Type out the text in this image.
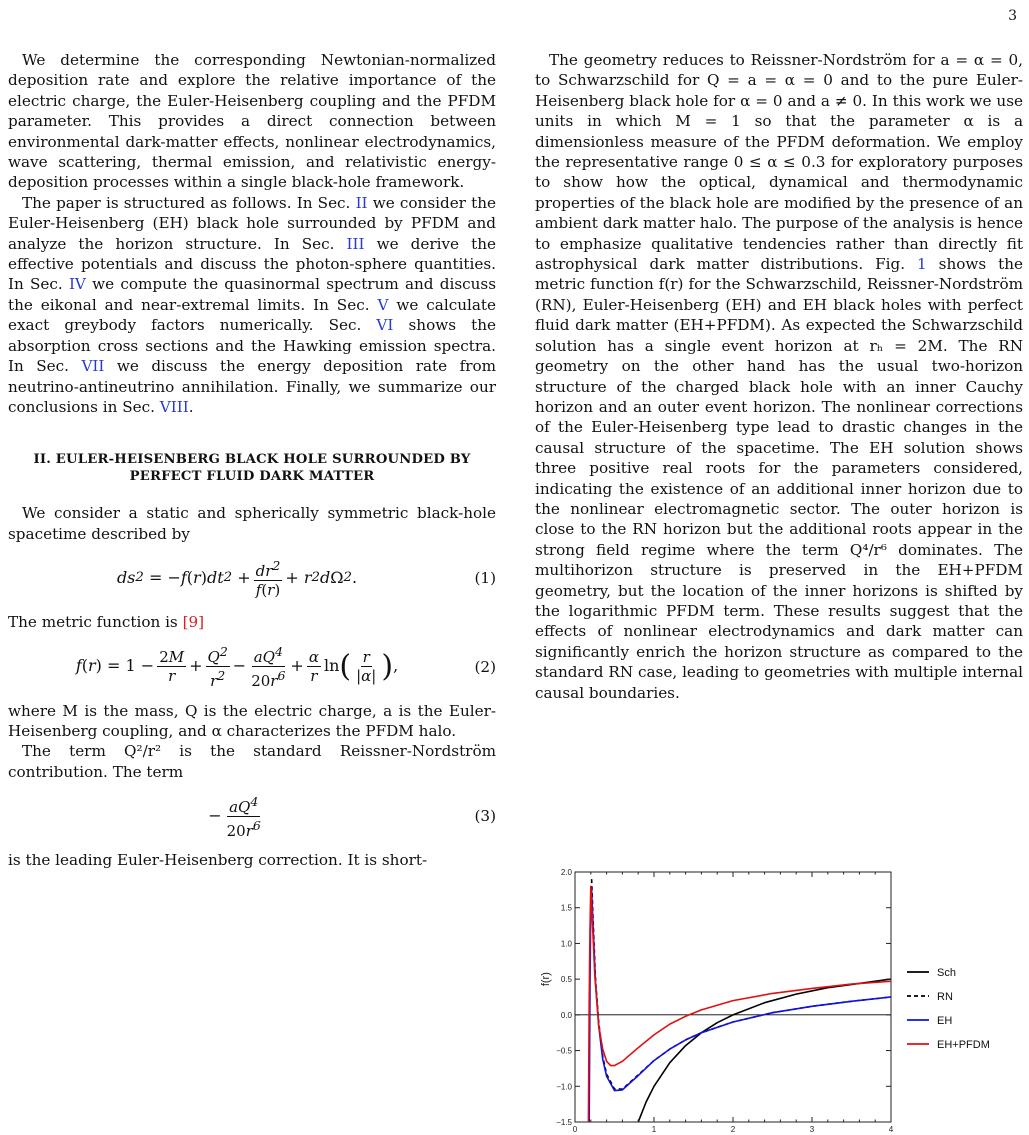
3

We determine the corresponding Newtonian-normalized deposition rate and explore the relative importance of the electric charge, the Euler-Heisenberg coupling and the PFDM parameter. This provides a direct connection between environmental dark-matter effects, nonlinear electrodynamics, wave scattering, thermal emission, and relativistic energy-deposition processes within a single black-hole framework.

The paper is structured as follows. In Sec. II we consider the Euler-Heisenberg (EH) black hole surrounded by PFDM and analyze the horizon structure. In Sec. III we derive the effective potentials and discuss the photon-sphere quantities. In Sec. IV we compute the quasinormal spectrum and discuss the eikonal and near-extremal limits. In Sec. V we calculate exact greybody factors numerically. Sec. VI shows the absorption cross sections and the Hawking emission spectra. In Sec. VII we discuss the energy deposition rate from neutrino-antineutrino annihilation. Finally, we summarize our conclusions in Sec. VIII.

II. EULER-HEISENBERG BLACK HOLE SURROUNDED BY PERFECT FLUID DARK MATTER

We consider a static and spherically symmetric black-hole spacetime described by

ds 2
= −f ( r ) dt 2
+ $\frac{dr^2}{f(r)} + r$ 2 d Ω 2 .	(1)

The metric function is [9]

f ( r )
=
1
− $\frac{2M}{r} + \frac{Q^2}{r^2} - \frac{aQ^4}{20r^6} + \frac{\alpha}{r}$ ln ( $\frac{r}{|\alpha|}$ ) ,	(2)

where M is the mass, Q is the electric charge, a is the Euler-Heisenberg coupling, and α characterizes the PFDM halo.

The term Q²/r² is the standard Reissner-Nordström contribution. The term

− $\frac{aQ^4}{20r^6}$	(3)

is the leading Euler-Heisenberg correction. It is short-

The geometry reduces to Reissner-Nordström for a = α = 0, to Schwarzschild for Q = a = α = 0 and to the pure Euler-Heisenberg black hole for α = 0 and a ≠ 0. In this work we use units in which M = 1 so that the parameter α is a dimensionless measure of the PFDM deformation. We employ the representative range 0 ≤ α ≤ 0.3 for exploratory purposes to show how the optical, dynamical and thermodynamic properties of the black hole are modified by the presence of an ambient dark matter halo. The purpose of the analysis is hence to emphasize qualitative tendencies rather than directly fit astrophysical dark matter distributions. Fig. 1 shows the metric function f(r) for the Schwarzschild, Reissner-Nordström (RN), Euler-Heisenberg (EH) and EH black holes with perfect fluid dark matter (EH+PFDM). As expected the Schwarzschild solution has a single event horizon at rₕ = 2M. The RN geometry on the other hand has the usual two-horizon structure of the charged black hole with an inner Cauchy horizon and an outer event horizon. The nonlinear corrections of the Euler-Heisenberg type lead to drastic changes in the causal structure of the spacetime. The EH solution shows three positive real roots for the parameters considered, indicating the existence of an additional inner horizon due to the nonlinear electromagnetic sector. The outer horizon is close to the RN horizon but the additional roots appear in the strong field regime where the term Q⁴/r⁶ dominates. The multihorizon structure is preserved in the EH+PFDM geometry, but the location of the inner horizons is shifted by the logarithmic PFDM term. These results suggest that the effects of nonlinear electrodynamics and dark matter can significantly enrich the horizon structure as compared to the standard RN case, leading to geometries with multiple internal causal boundaries.

0	1	2	3	4
2.0
1.5
1.0
0.5
0.0
−0.5
−1.0
−1.5
f(r)	Sch
RN
EH
EH+PFDM
